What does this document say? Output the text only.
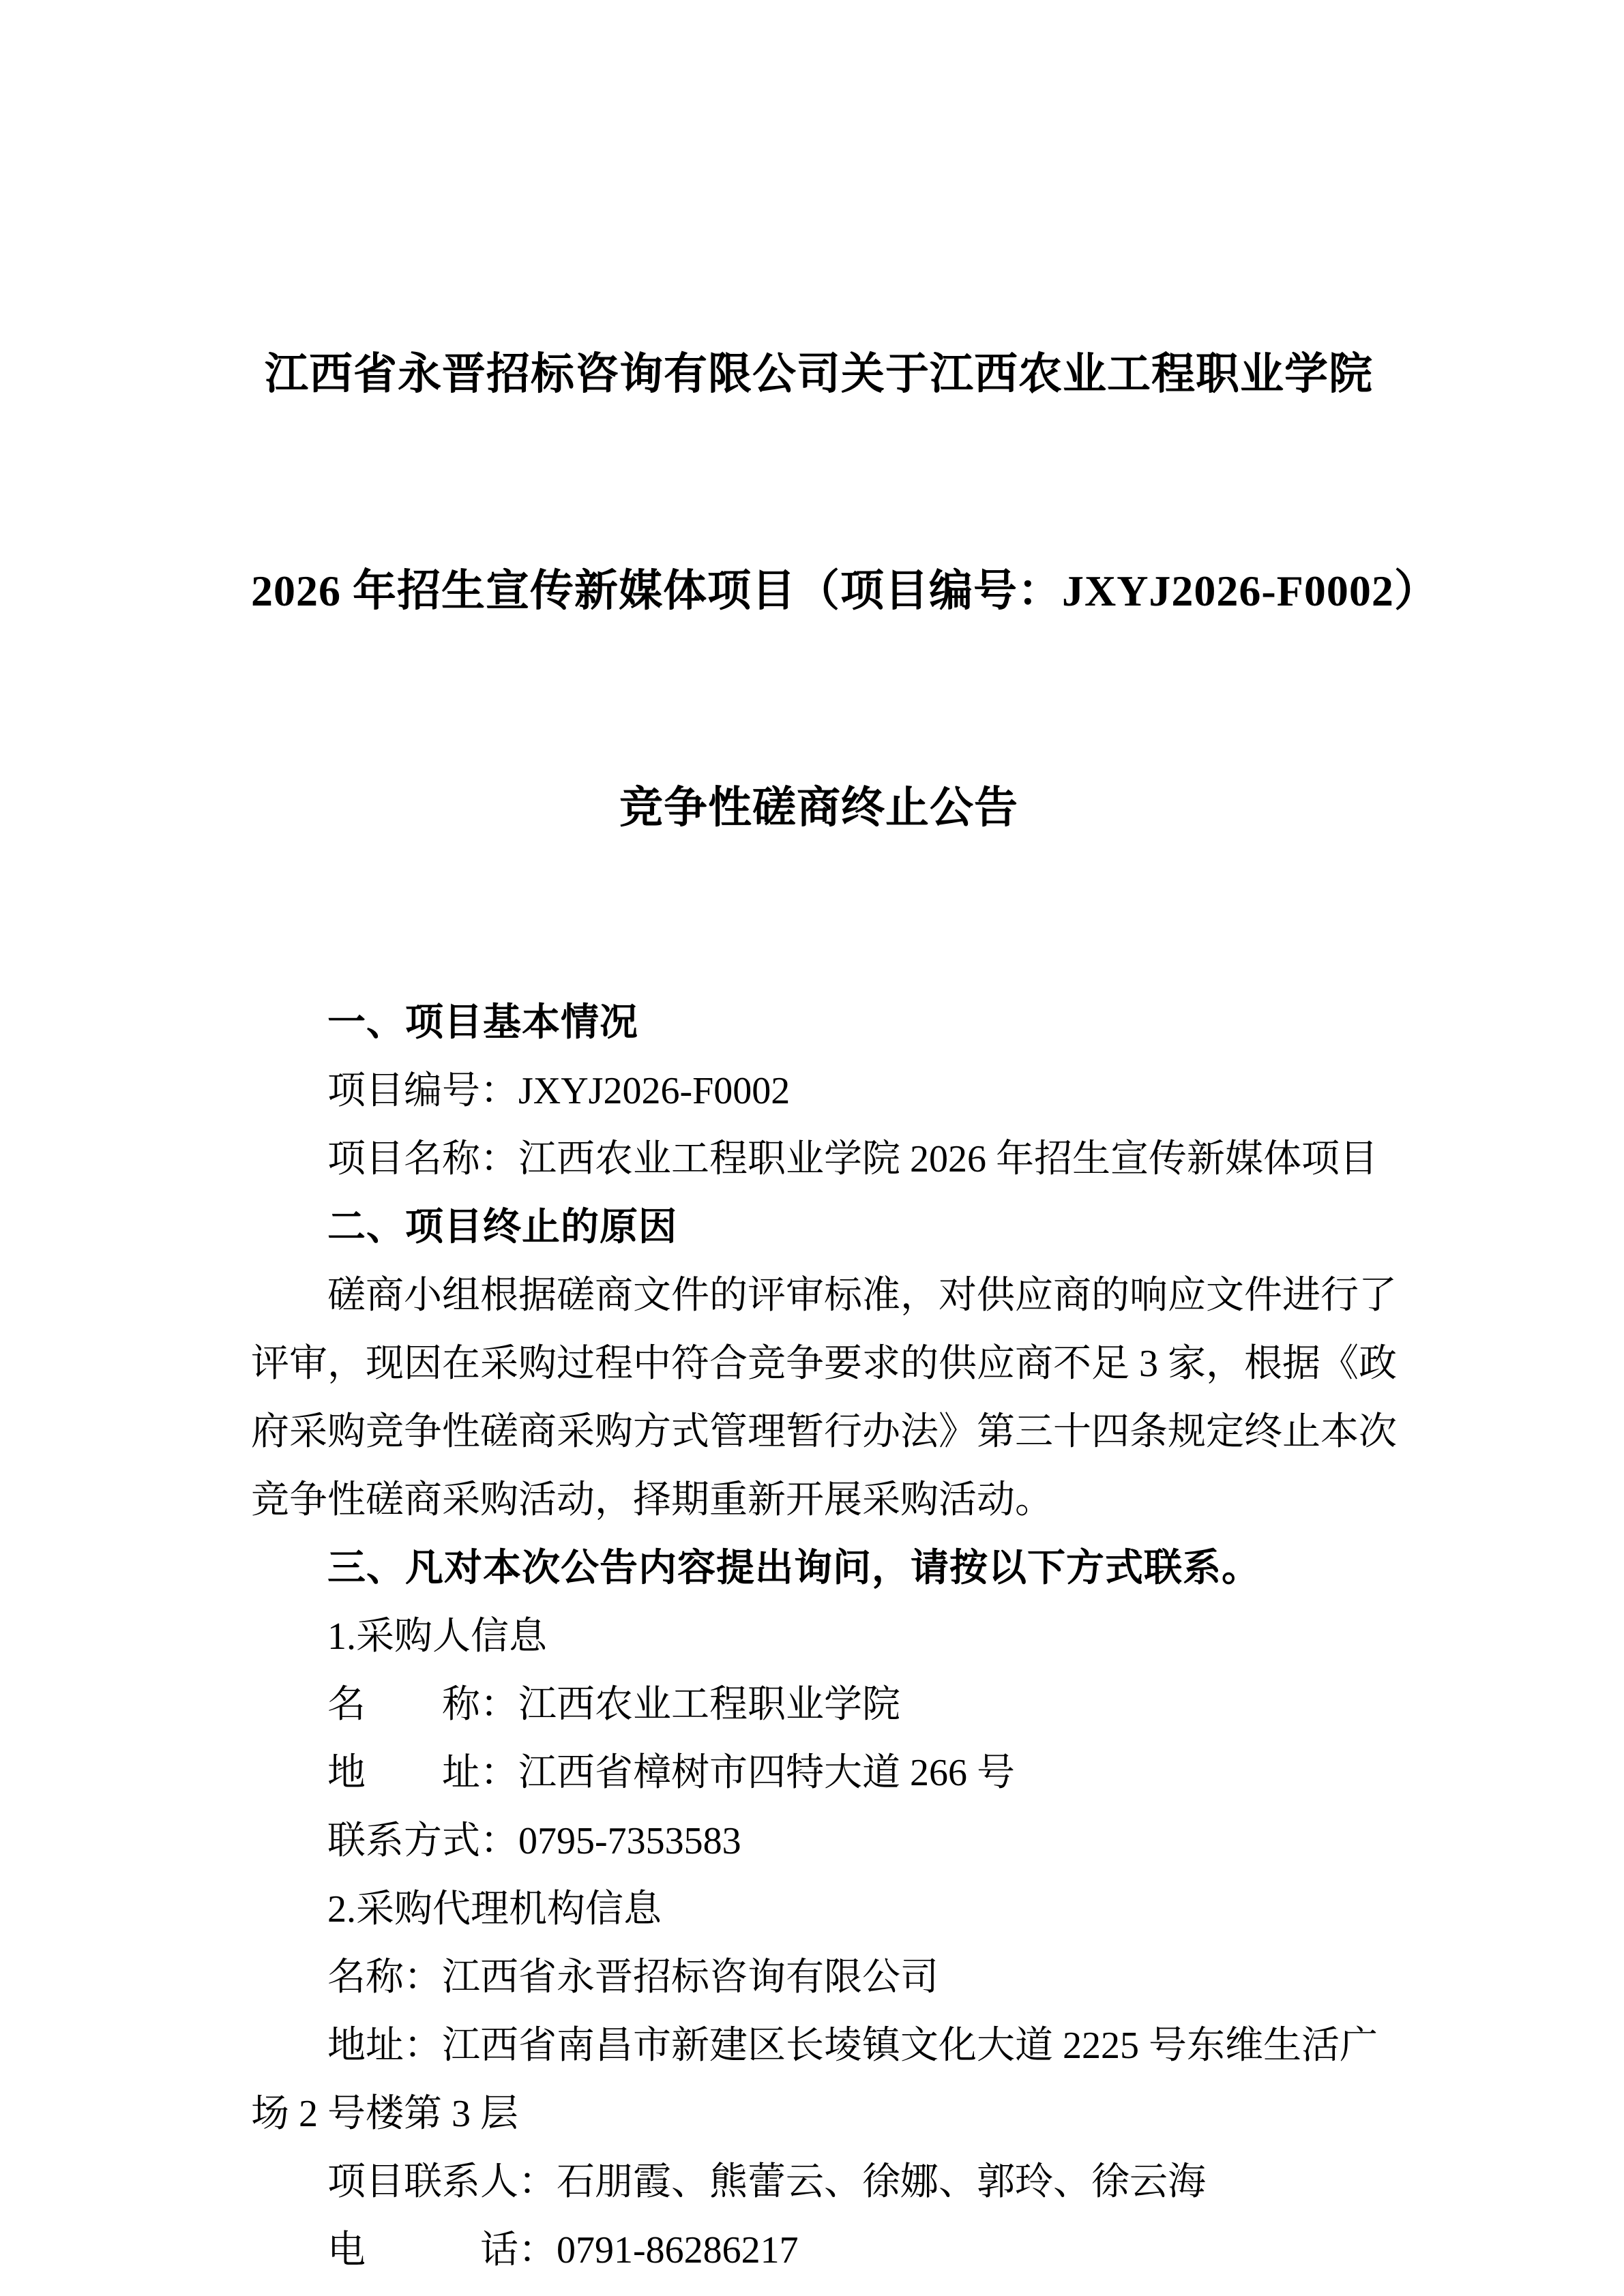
江西省永晋招标咨询有限公司关于江西农业工程职业学院

2026 年招生宣传新媒体项目（项目编号：JXYJ2026-F0002）

竞争性磋商终止公告

一、项目基本情况
项目编号：JXYJ2026-F0002
项目名称：江西农业工程职业学院 2026 年招生宣传新媒体项目
二、项目终止的原因
磋商小组根据磋商文件的评审标准，对供应商的响应文件进行了
评审，现因在采购过程中符合竞争要求的供应商不足 3 家，根据《政
府采购竞争性磋商采购方式管理暂行办法》第三十四条规定终止本次
竞争性磋商采购活动，择期重新开展采购活动。
三、凡对本次公告内容提出询问，请按以下方式联系。
1.采购人信息
名　　称：江西农业工程职业学院
地　　址：江西省樟树市四特大道 266 号
联系方式：0795-7353583
2.采购代理机构信息
名称：江西省永晋招标咨询有限公司
地址：江西省南昌市新建区长堎镇文化大道 2225 号东维生活广
场 2 号楼第 3 层
项目联系人：石朋霞、熊蕾云、徐娜、郭玲、徐云海
电　　　话：0791-86286217
